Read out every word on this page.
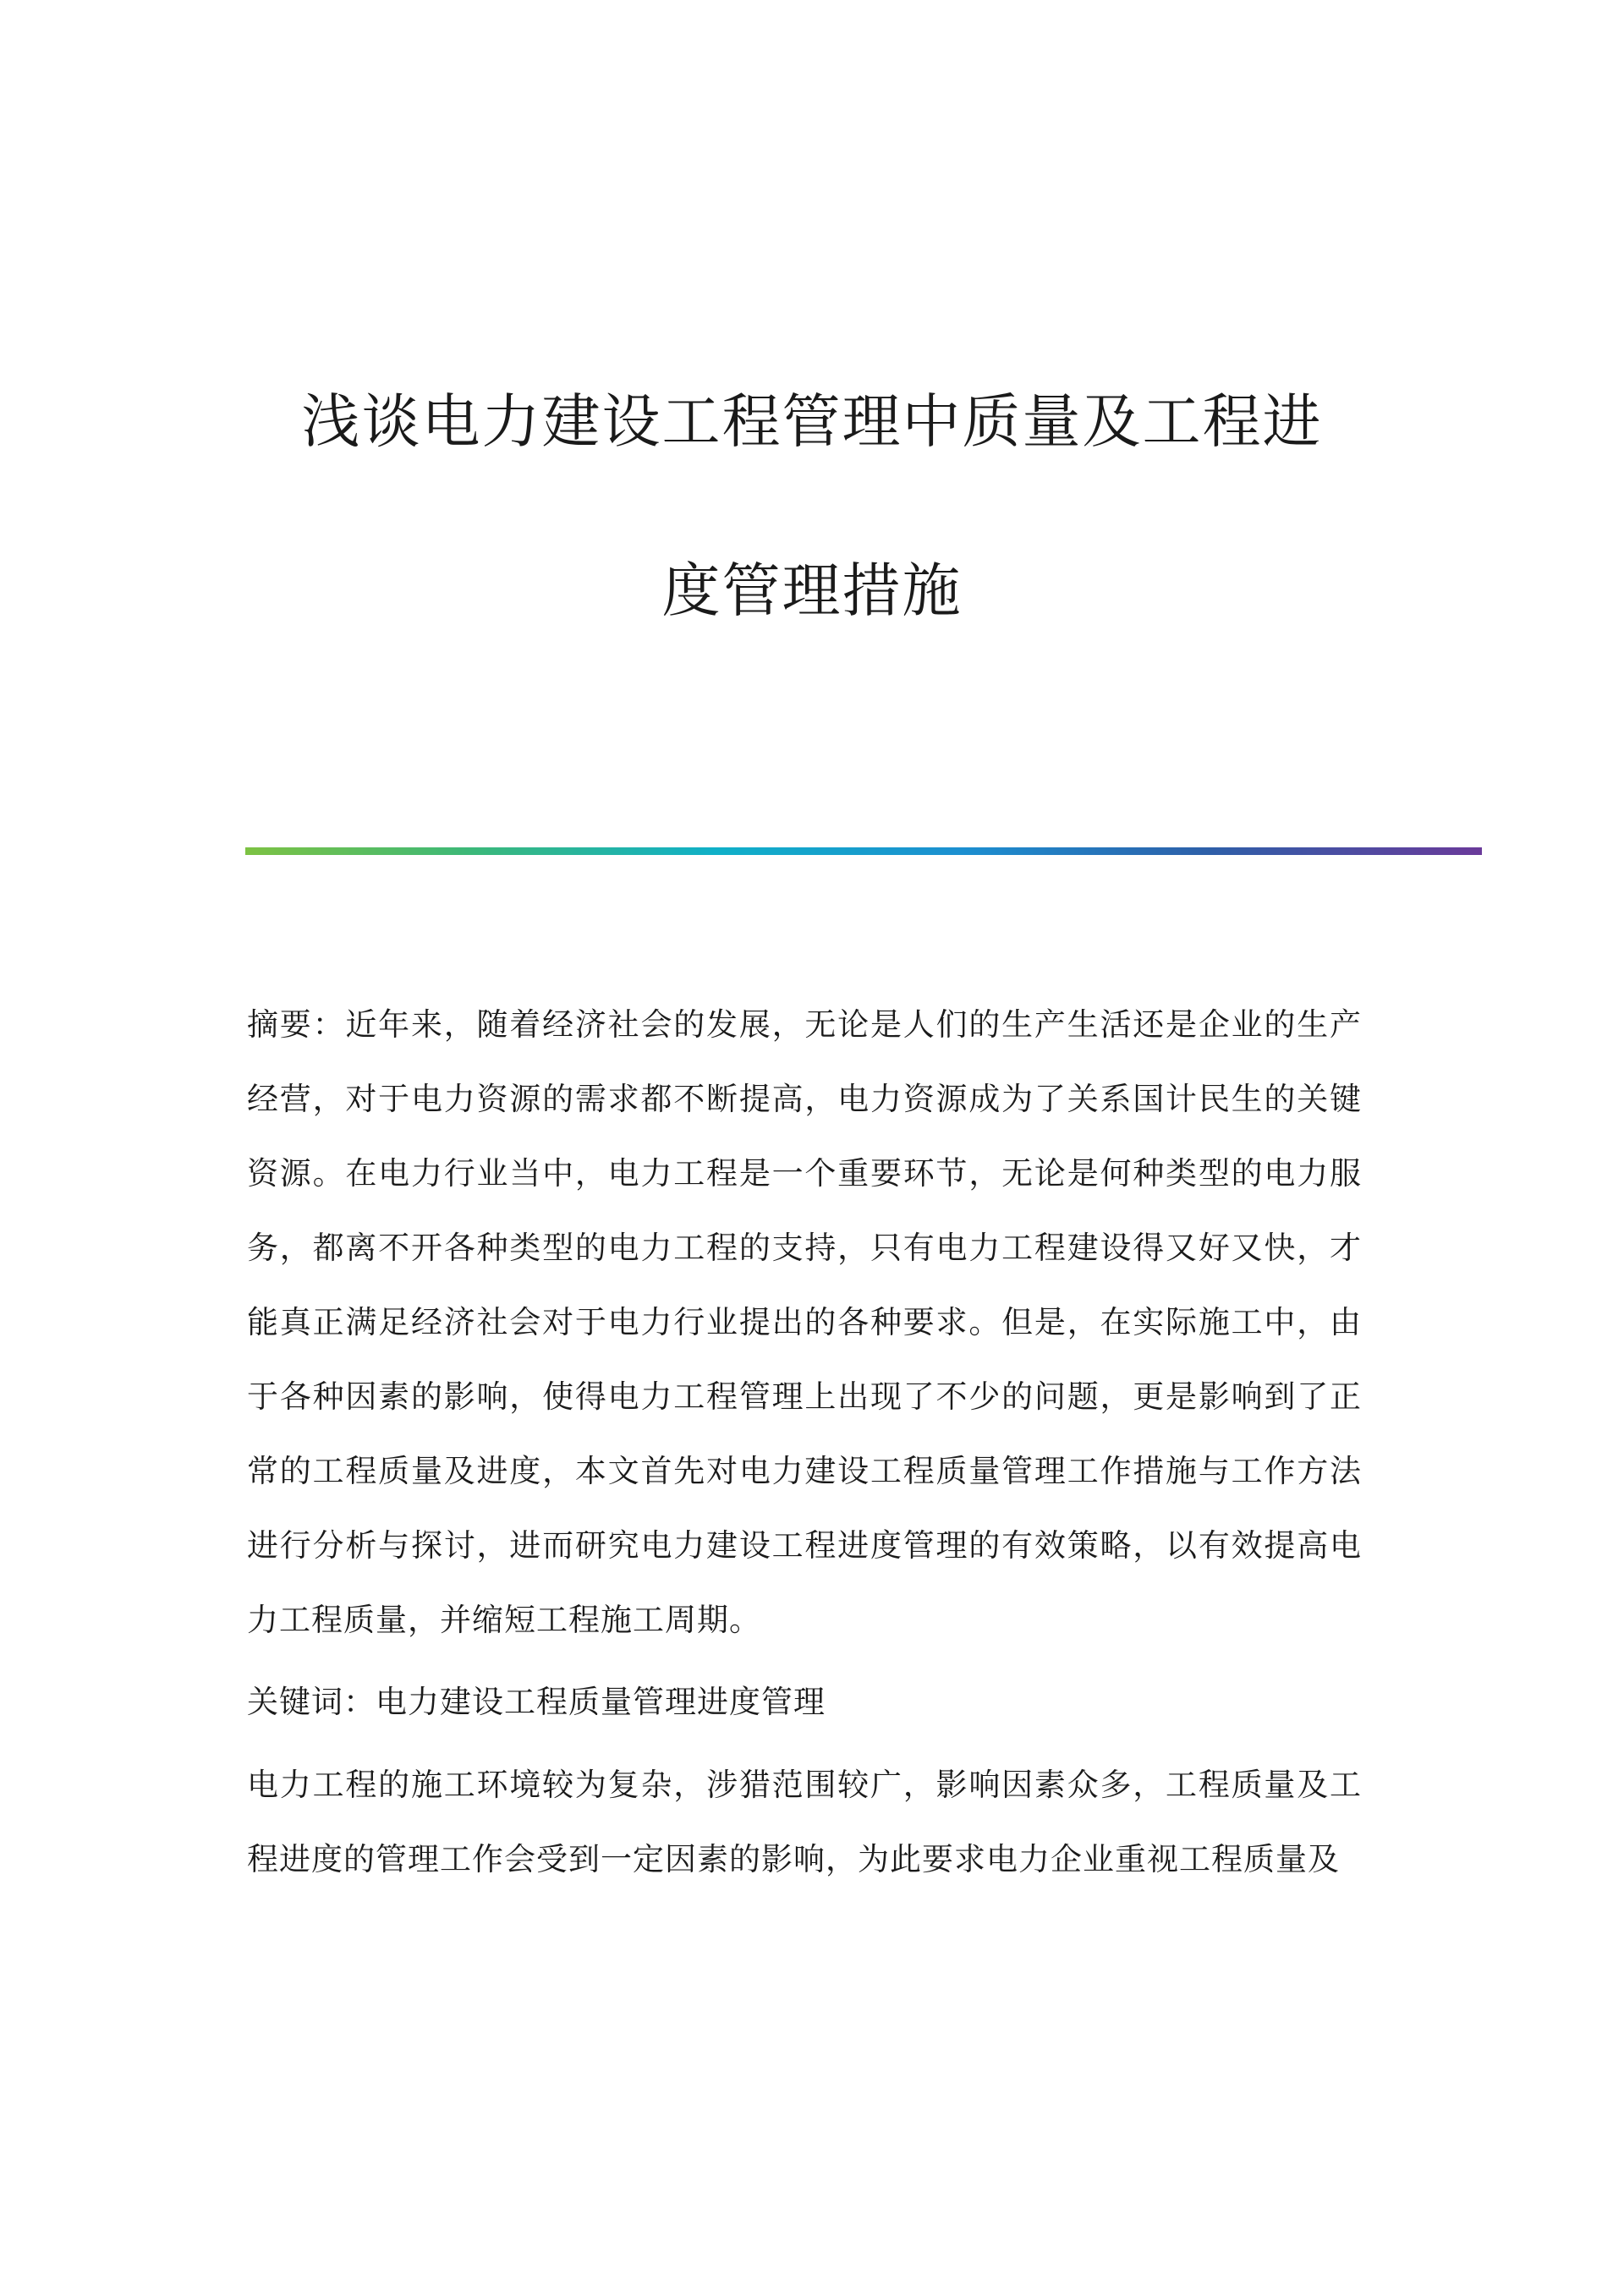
浅谈电力建设工程管理中质量及工程进
度管理措施

摘要：近年来，随着经济社会的发展，无论是人们的生产生活还是企业的生产经营，对于电力资源的需求都不断提高，电力资源成为了关系国计民生的关键资源。在电力行业当中，电力工程是一个重要环节，无论是何种类型的电力服务，都离不开各种类型的电力工程的支持，只有电力工程建设得又好又快，才能真正满足经济社会对于电力行业提出的各种要求。但是，在实际施工中，由于各种因素的影响，使得电力工程管理上出现了不少的问题，更是影响到了正常的工程质量及进度，本文首先对电力建设工程质量管理工作措施与工作方法进行分析与探讨，进而研究电力建设工程进度管理的有效策略，以有效提高电力工程质量，并缩短工程施工周期。

关键词：电力建设工程质量管理进度管理

电力工程的施工环境较为复杂，涉猎范围较广，影响因素众多，工程质量及工程进度的管理工作会受到一定因素的影响，为此要求电力企业重视工程质量及
